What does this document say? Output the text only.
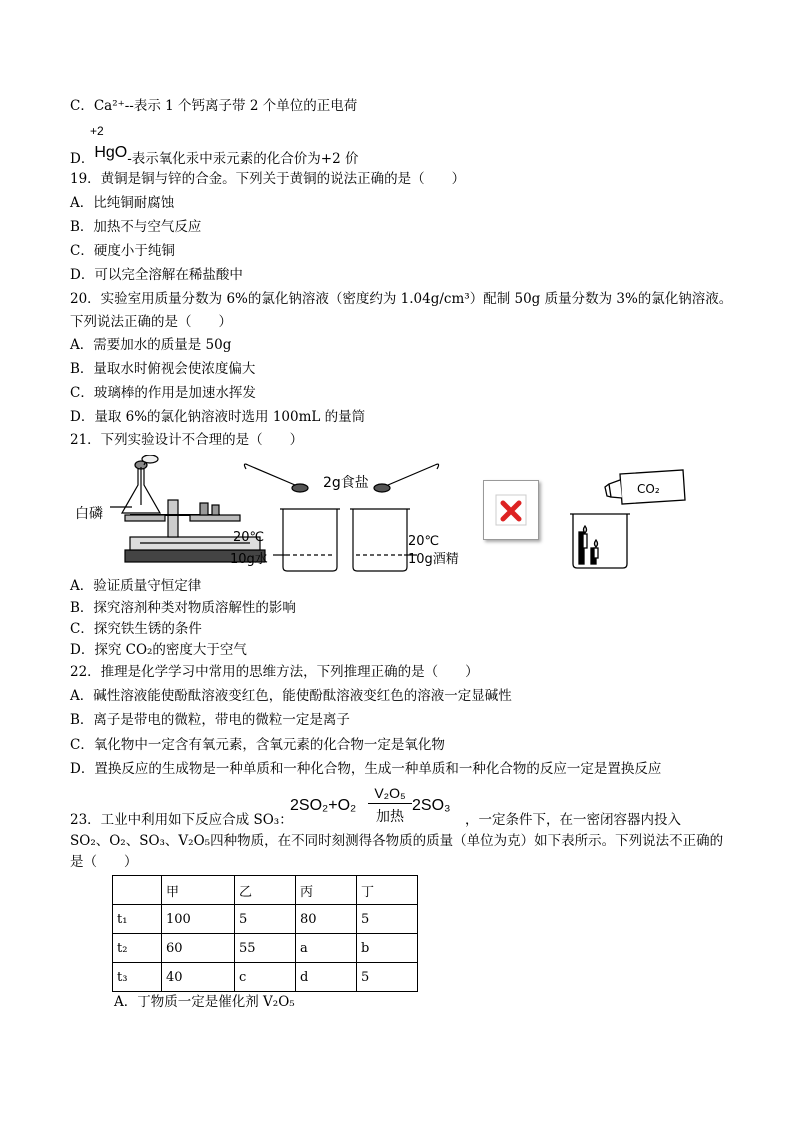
C．Ca²⁺--表示 1 个钙离子带 2 个单位的正电荷
+2
D．HgO-表示氧化汞中汞元素的化合价为+2 价
19．黄铜是铜与锌的合金。下列关于黄铜的说法正确的是（　　）
A．比纯铜耐腐蚀
B．加热不与空气反应
C．硬度小于纯铜
D．可以完全溶解在稀盐酸中
20．实验室用质量分数为 6%的氯化钠溶液（密度约为 1.04g/cm³）配制 50g 质量分数为 3%的氯化钠溶液。
下列说法正确的是（　　）
A．需要加水的质量是 50g
B．量取水时俯视会使浓度偏大
C．玻璃棒的作用是加速水挥发
D．量取 6%的氯化钠溶液时选用 100mL 的量筒
21．下列实验设计不合理的是（　　）
白磷
2g食盐
20℃
10g水
20℃
10g酒精
CO₂
A．验证质量守恒定律
B．探究溶剂种类对物质溶解性的影响
C．探究铁生锈的条件
D．探究 CO₂的密度大于空气
22．推理是化学学习中常用的思维方法，下列推理正确的是（　　）
A．碱性溶液能使酚酞溶液变红色，能使酚酞溶液变红色的溶液一定显碱性
B．离子是带电的微粒，带电的微粒一定是离子
C．氧化物中一定含有氧元素，含氧元素的化合物一定是氧化物
D．置换反应的生成物是一种单质和一种化合物，生成一种单质和一种化合物的反应一定是置换反应
23．工业中利用如下反应合成 SO₃：
2SO₂+O₂
V₂O₅
加热
2SO₃
，一定条件下，在一密闭容器内投入
SO₂、O₂、SO₃、V₂O₅四种物质，在不同时刻测得各物质的质量（单位为克）如下表所示。下列说法不正确的
是（　　）
	甲	乙	丙	丁
t₁	100	5	80	5
t₂	60	55	a	b
t₃	40	c	d	5
A．丁物质一定是催化剂 V₂O₅
